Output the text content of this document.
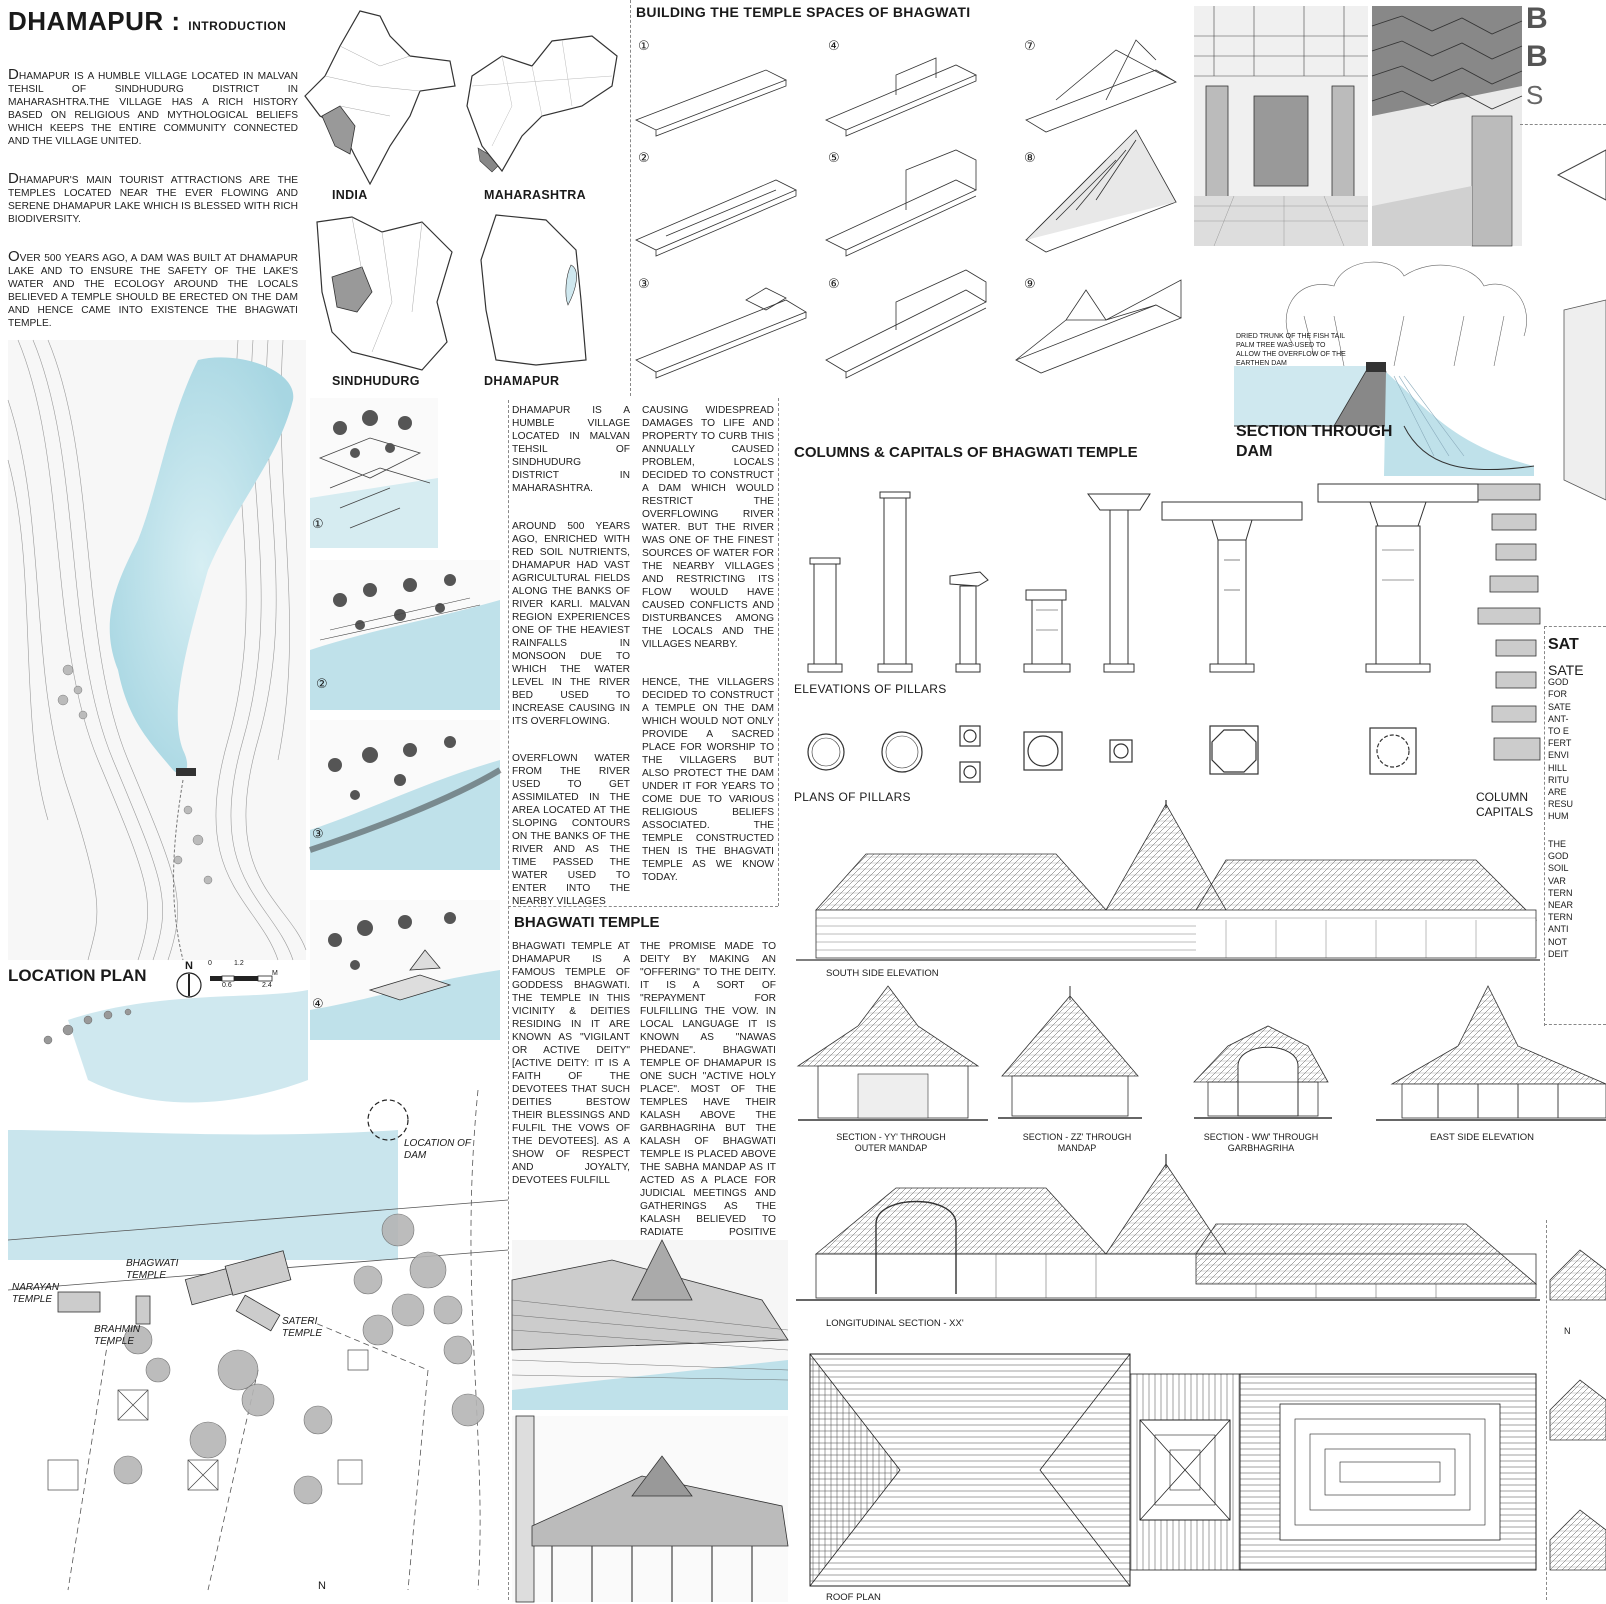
DHAMAPUR : INTRODUCTION
DHAMAPUR IS A HUMBLE VILLAGE LOCATED IN MALVAN TEHSIL OF SINDHUDURG DISTRICT IN MAHARASHTRA.THE VILLAGE HAS A RICH HISTORY BASED ON RELIGIOUS AND MYTHOLOGICAL BELIEFS WHICH KEEPS THE ENTIRE COMMUNITY CONNECTED AND THE VILLAGE UNITED.
DHAMAPUR'S MAIN TOURIST ATTRACTIONS ARE THE TEMPLES LOCATED NEAR THE EVER FLOWING AND SERENE DHAMAPUR LAKE WHICH IS BLESSED WITH RICH BIODIVERSITY.
OVER 500 YEARS AGO, A DAM WAS BUILT AT DHAMAPUR LAKE AND TO ENSURE THE SAFETY OF THE LAKE'S WATER AND THE ECOLOGY AROUND THE LOCALS BELIEVED A TEMPLE SHOULD BE ERECTED ON THE DAM AND HENCE CAME INTO EXISTENCE THE BHAGWATI TEMPLE.
LOCATION PLAN	N	0	1.2
M
0.6	2.4
LOCATION OF DAM
BHAGWATI TEMPLE
NARAYAN TEMPLE
BRAHMIN TEMPLE
SATERI TEMPLE
N
INDIA	MAHARASHTRA
SINDHUDURG	DHAMAPUR
①
②
③
④
DHAMAPUR IS A HUMBLE VILLAGE LOCATED IN MALVAN TEHSIL OF SINDHUDURG DISTRICT IN MAHARASHTRA.
AROUND 500 YEARS AGO, ENRICHED WITH RED SOIL NUTRIENTS, DHAMAPUR HAD VAST AGRICULTURAL FIELDS ALONG THE BANKS OF RIVER KARLI. MALVAN REGION EXPERIENCES ONE OF THE HEAVIEST RAINFALLS IN MONSOON DUE TO WHICH THE WATER LEVEL IN THE RIVER BED USED TO INCREASE CAUSING IN ITS OVERFLOWING.
OVERFLOWN WATER FROM THE RIVER USED TO GET ASSIMILATED IN THE AREA LOCATED AT THE SLOPING CONTOURS ON THE BANKS OF THE RIVER AND AS THE TIME PASSED THE WATER USED TO ENTER INTO THE NEARBY VILLAGES
CAUSING WIDESPREAD DAMAGES TO LIFE AND PROPERTY TO CURB THIS ANNUALLY CAUSED PROBLEM, LOCALS DECIDED TO CONSTRUCT A DAM WHICH WOULD RESTRICT THE OVERFLOWING RIVER WATER. BUT THE RIVER WAS ONE OF THE FINEST SOURCES OF WATER FOR THE NEARBY VILLAGES AND RESTRICTING ITS FLOW WOULD HAVE CAUSED CONFLICTS AND DISTURBANCES AMONG THE LOCALS AND THE VILLAGES NEARBY.
HENCE, THE VILLAGERS DECIDED TO CONSTRUCT A TEMPLE ON THE DAM WHICH WOULD NOT ONLY PROVIDE A SACRED PLACE FOR WORSHIP TO THE VILLAGERS BUT ALSO PROTECT THE DAM UNDER IT FOR YEARS TO COME DUE TO VARIOUS RELIGIOUS BELIEFS ASSOCIATED. THE TEMPLE CONSTRUCTED THEN IS THE BHAGVATI TEMPLE AS WE KNOW TODAY.
BHAGWATI TEMPLE
BHAGWATI TEMPLE AT DHAMAPUR IS A FAMOUS TEMPLE OF GODDESS BHAGWATI. THE TEMPLE IN THIS VICINITY & DEITIES RESIDING IN IT ARE KNOWN AS "VIGILANT OR ACTIVE DEITY" [ACTIVE DEITY: IT IS A FAITH OF THE DEVOTEES THAT SUCH DEITIES BESTOW THEIR BLESSINGS AND FULFIL THE VOWS OF THE DEVOTEES]. AS A SHOW OF RESPECT AND JOYALTY, DEVOTEES FULFILL
THE PROMISE MADE TO DEITY BY MAKING AN "OFFERING" TO THE DEITY. IT IS A SORT OF "REPAYMENT FOR FULFILLING THE VOW. IN LOCAL LANGUAGE IT IS KNOWN AS "NAWAS PHEDANE". BHAGWATI TEMPLE OF DHAMAPUR IS ONE SUCH "ACTIVE HOLY PLACE". MOST OF THE TEMPLES HAVE THEIR KALASH ABOVE THE GARBHAGRIHA BUT THE KALASH OF BHAGWATI TEMPLE IS PLACED ABOVE THE SABHA MANDAP AS IT ACTED AS A PLACE FOR JUDICIAL MEETINGS AND GATHERINGS AS THE KALASH BELIEVED TO RADIATE POSITIVE
BUILDING THE TEMPLE SPACES OF BHAGWATI
①
②
③
④
⑤
⑥
⑦
⑧
⑨
B
B
S
DRIED TRUNK OF THE FISH TAIL PALM TREE WAS USED TO ALLOW THE OVERFLOW OF THE EARTHEN DAM
SECTION THROUGH DAM
COLUMNS & CAPITALS OF BHAGWATI TEMPLE
ELEVATIONS OF PILLARS
PLANS OF PILLARS	COLUMN CAPITALS
SAT
SATE
GOD
FOR
SATE
ANT-
TO E
FERT
ENVI
HILL
RITU
ARE
RESU
HUM
THE
GOD
SOIL
VAR
TERN
NEAR
TERN
ANTI
NOT
DEIT
SOUTH SIDE ELEVATION
SECTION - YY' THROUGH OUTER MANDAP
SECTION - ZZ' THROUGH MANDAP
SECTION - WW' THROUGH GARBHAGRIHA
EAST SIDE ELEVATION
LONGITUDINAL SECTION - XX'
ROOF PLAN
N
